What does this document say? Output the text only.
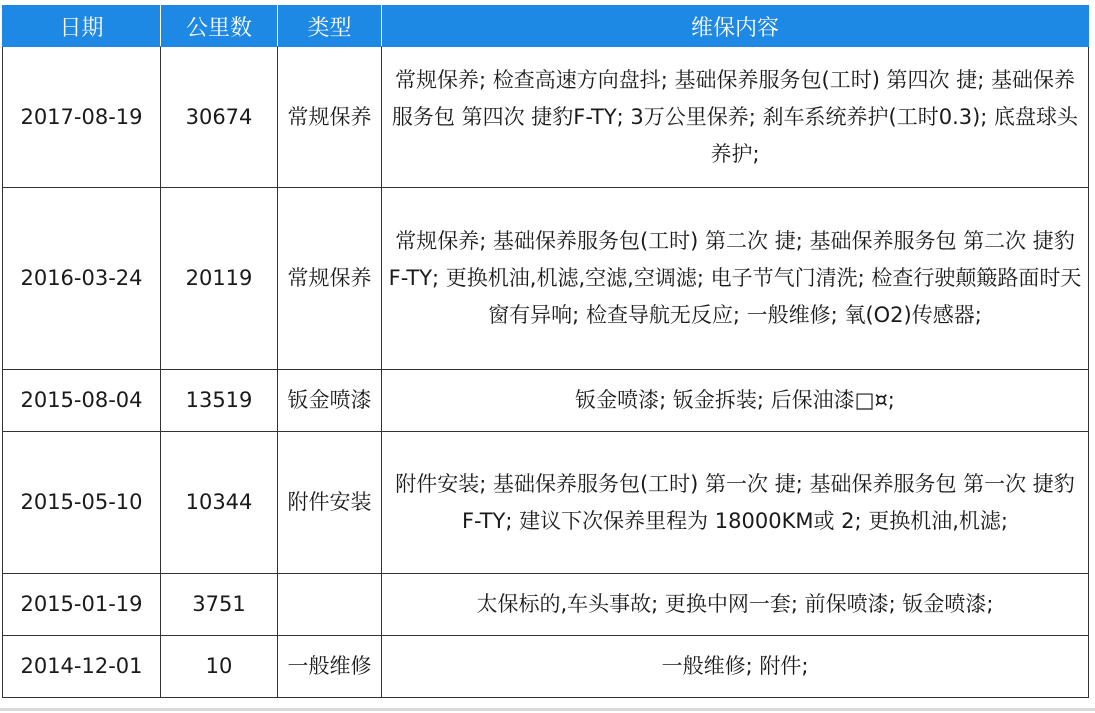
日期	公里数	类型	维保内容
2017-08-19	30674	常规保养	常规保养; 检查高速方向盘抖; 基础保养服务包(工时) 第四次 捷; 基础保养服务包 第四次 捷豹F-TY; 3万公里保养; 刹车系统养护(工时0.3); 底盘球头养护;
2016-03-24	20119	常规保养	常规保养; 基础保养服务包(工时) 第二次 捷; 基础保养服务包 第二次 捷豹F-TY; 更换机油,机滤,空滤,空调滤; 电子节气门清洗; 检查行驶颠簸路面时天窗有异响; 检查导航无反应; 一般维修; 氧(O2)传感器;
2015-08-04	13519	钣金喷漆	钣金喷漆; 钣金拆装; 后保油漆□¤;
2015-05-10	10344	附件安装	附件安装; 基础保养服务包(工时) 第一次 捷; 基础保养服务包 第一次 捷豹F-TY; 建议下次保养里程为 18000KM或 2; 更换机油,机滤;
2015-01-19	3751		太保标的,车头事故; 更换中网一套; 前保喷漆; 钣金喷漆;
2014-12-01	10	一般维修	一般维修; 附件;
